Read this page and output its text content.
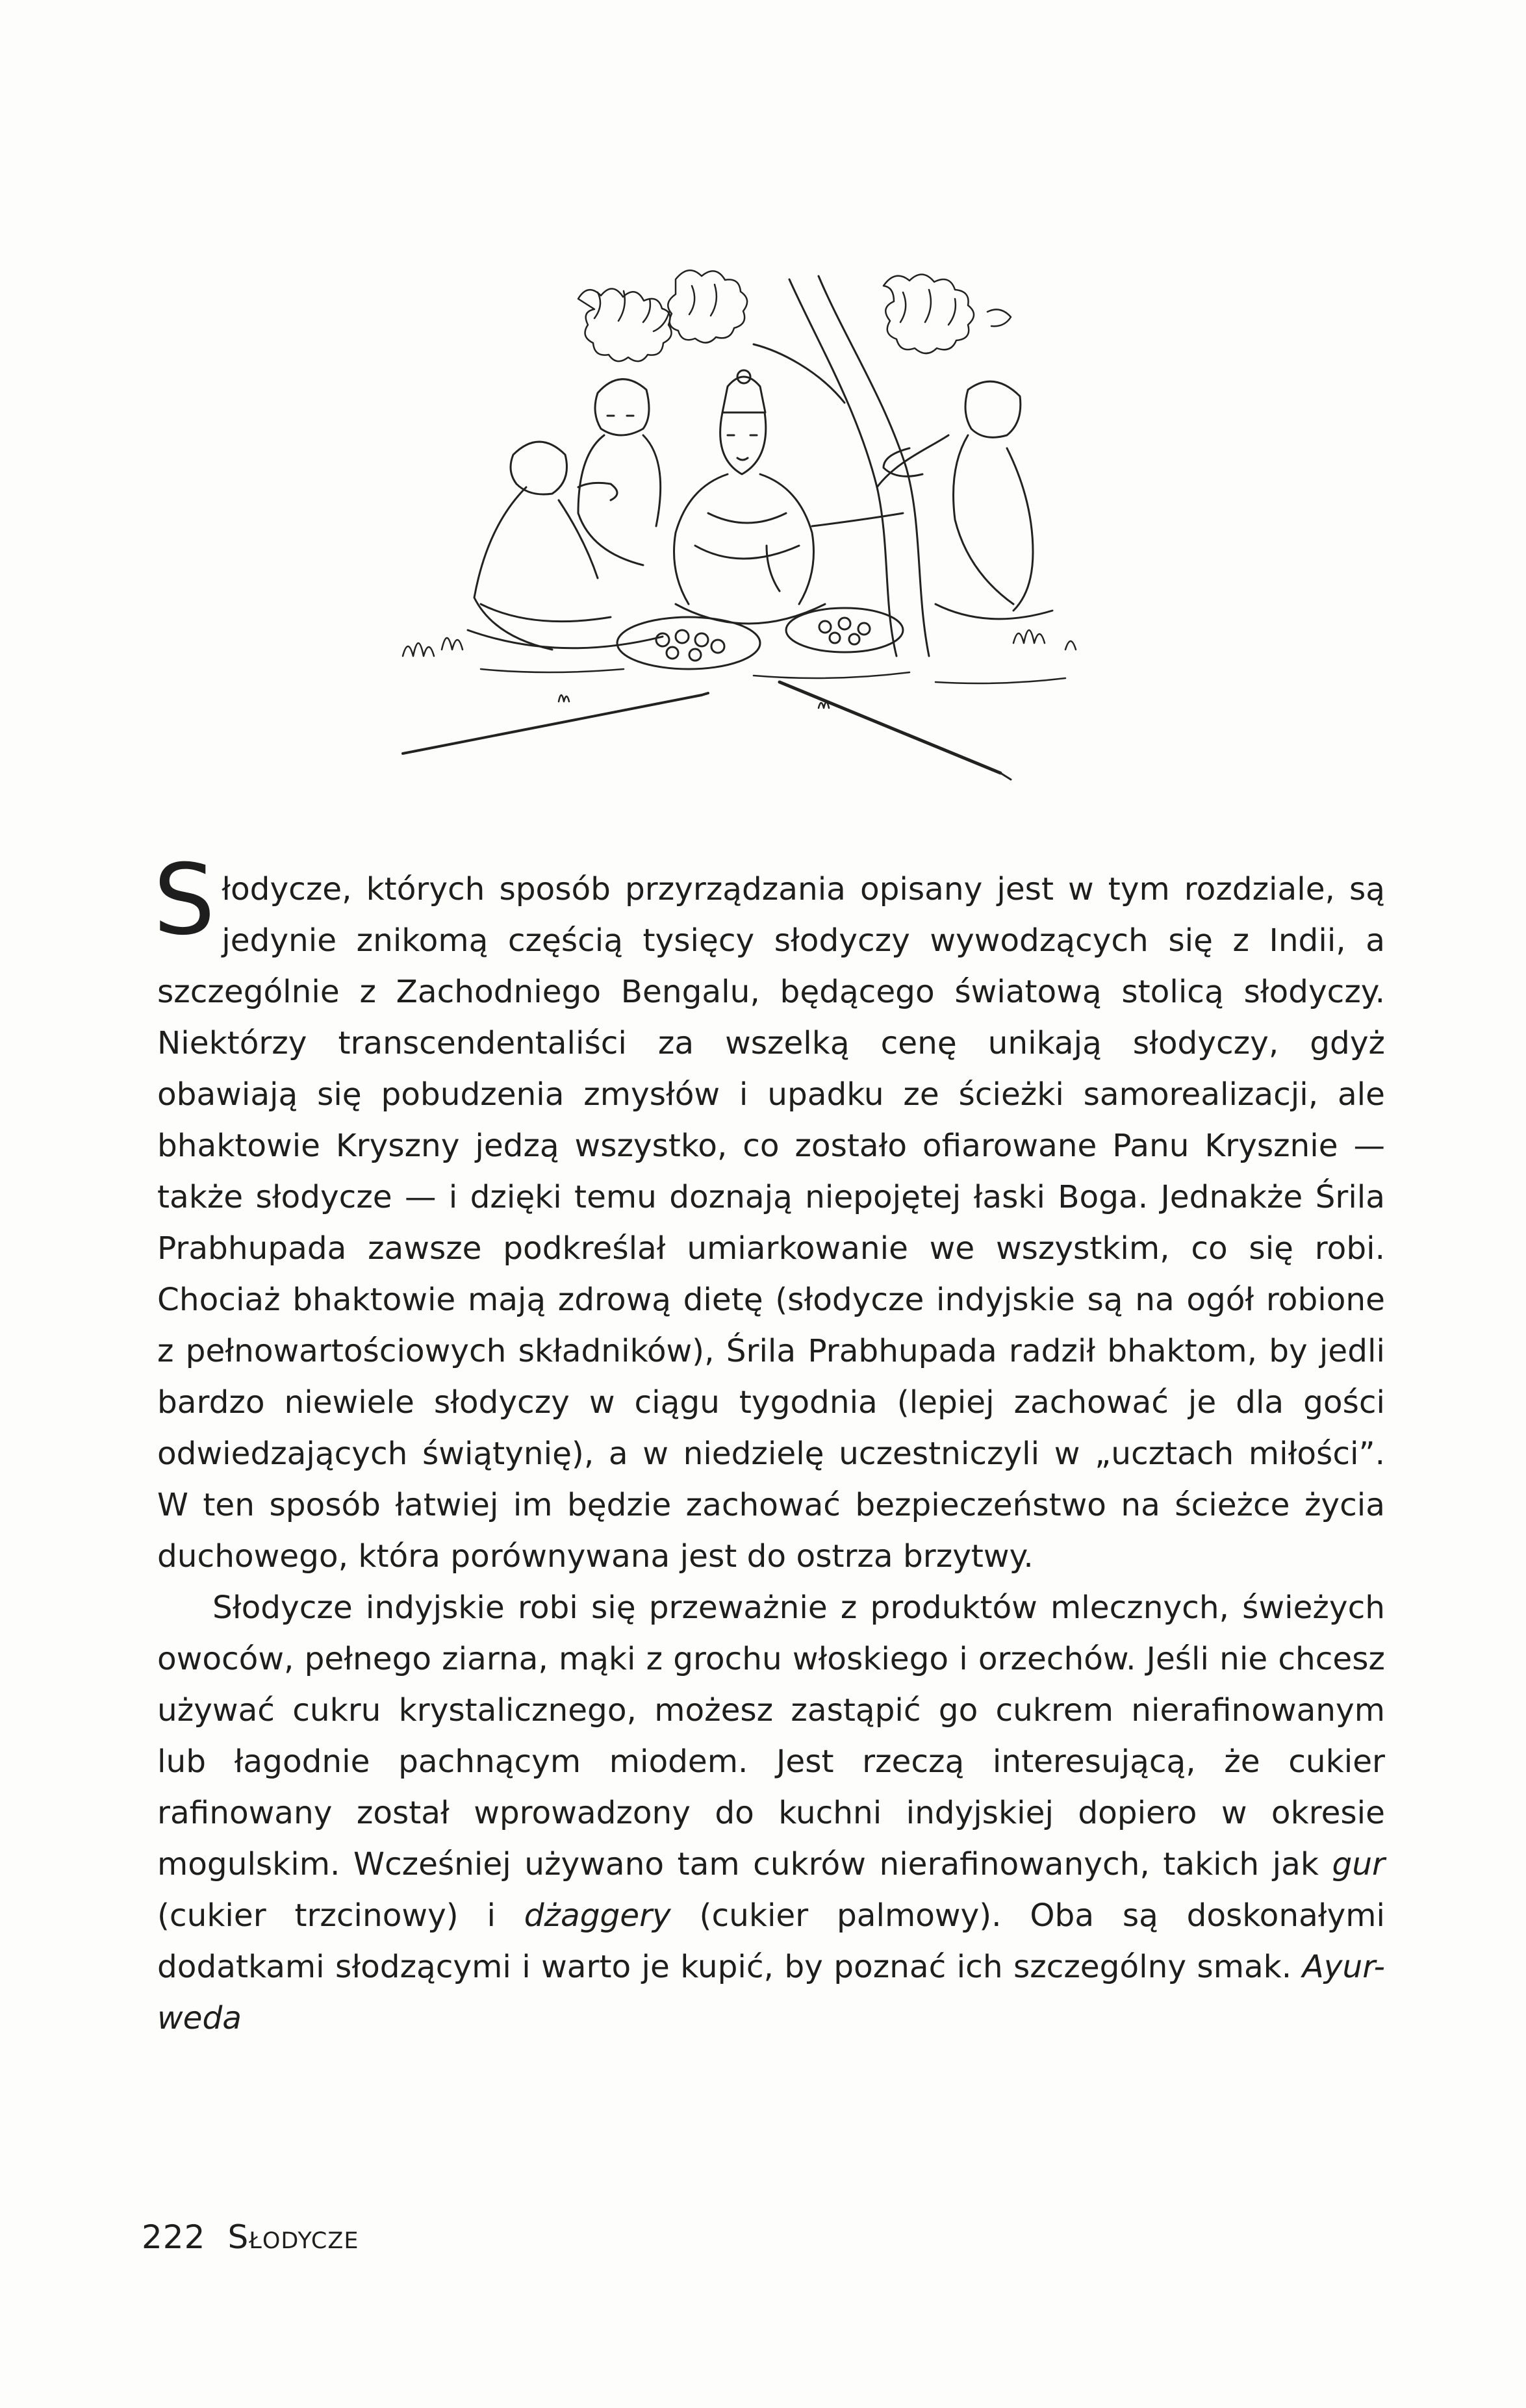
Słodycze, których sposób przyrządzania opisany jest w tym rozdziale, są jedynie znikomą częścią tysięcy słodyczy wywodzących się z Indii, a szczególnie z Zachodniego Bengalu, będącego światową stolicą słodyczy. Niektórzy transcendentaliści za wszelką cenę unikają słodyczy, gdyż obawiają się pobudzenia zmysłów i upadku ze ścieżki samorealizacji, ale bhaktowie Kryszny jedzą wszystko, co zostało ofiarowane Panu Krysznie — także słodycze — i dzięki temu doznają niepojętej łaski Boga. Jednakże Śrila Prabhupada zawsze podkreślał umiarkowanie we wszystkim, co się robi. Chociaż bhaktowie mają zdrową dietę (słodycze indyjskie są na ogół robione z pełnowartościowych składników), Śrila Prabhupada radził bhaktom, by jedli bardzo niewiele słodyczy w ciągu tygodnia (lepiej zachować je dla gości odwiedzających świątynię), a w niedzielę uczestniczyli w „ucztach miłości”. W ten sposób łatwiej im będzie zachować bezpieczeństwo na ścieżce życia duchowego, która porównywana jest do ostrza brzytwy.

Słodycze indyjskie robi się przeważnie z produktów mlecznych, świeżych owoców, pełnego ziarna, mąki z grochu włoskiego i orzechów. Jeśli nie chcesz używać cukru krystalicznego, możesz zastąpić go cukrem nierafinowanym lub łagodnie pachnącym miodem. Jest rzeczą interesującą, że cukier rafinowany został wprowadzony do kuchni indyjskiej dopiero w okresie mogulskim. Wcześniej używano tam cukrów nierafinowanych, takich jak gur (cukier trzcinowy) i dżaggery (cukier palmowy). Oba są doskonałymi dodatkami słodzącymi i warto je kupić, by poznać ich szczególny smak. Ayur-weda

222 Słodycze
